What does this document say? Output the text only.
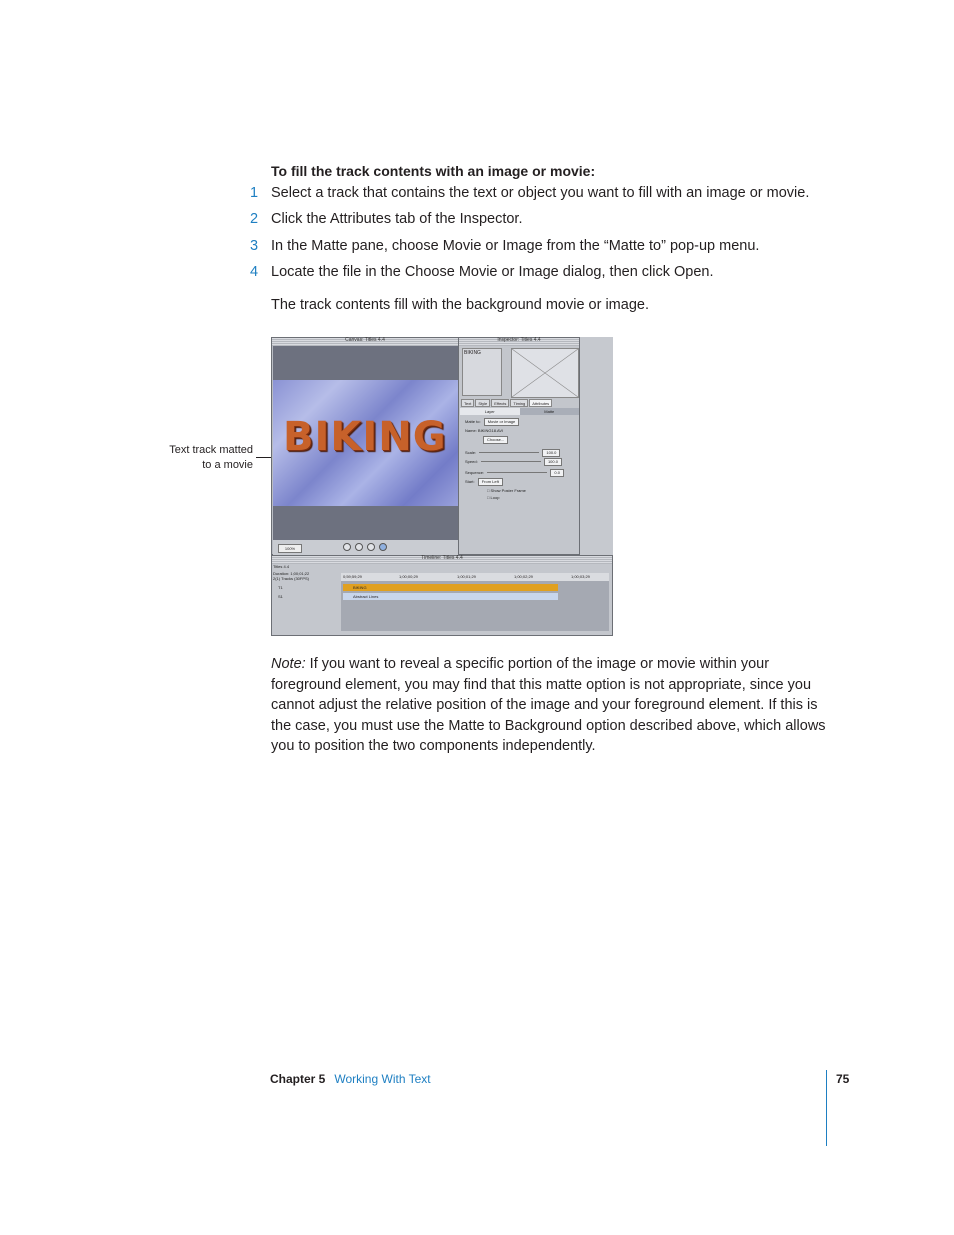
To fill the track contents with an image or movie:
1 Select a track that contains the text or object you want to fill with an image or movie.
2 Click the Attributes tab of the Inspector.
3 In the Matte pane, choose Movie or Image from the “Matte to” pop-up menu.
4 Locate the file in the Choose Movie or Image dialog, then click Open.
The track contents fill with the background movie or image.
Text track matted
to a movie
Canvas: Titles 4.4
BIKING
100%
Inspector: Titles 4.4
BIKING
Text	Style	Effects	Timing	Attributes
Layer	Matte
Matte to: Movie or Image
Name: BIKING18.AVI
Choose...
Scale:	100.0
Speed:	100.0
Sequence:	0.0
Start: From Left
□ Show Poster Frame
□ Loop
Timeline: Titles 4.4
Titles 4.4
Duration: 1;00;01;22
2(1) Tracks (30FPS)
T1
S1
0;59;59;29	1;00;00;29	1;00;01;29	1;00;02;29	1;00;03;29
BIKING
Abstract Lines
Note: If you want to reveal a specific portion of the image or movie within your foreground element, you may find that this matte option is not appropriate, since you cannot adjust the relative position of the image and your foreground element. If this is the case, you must use the Matte to Background option described above, which allows you to position the two components independently.
Chapter 5 Working With Text	75
